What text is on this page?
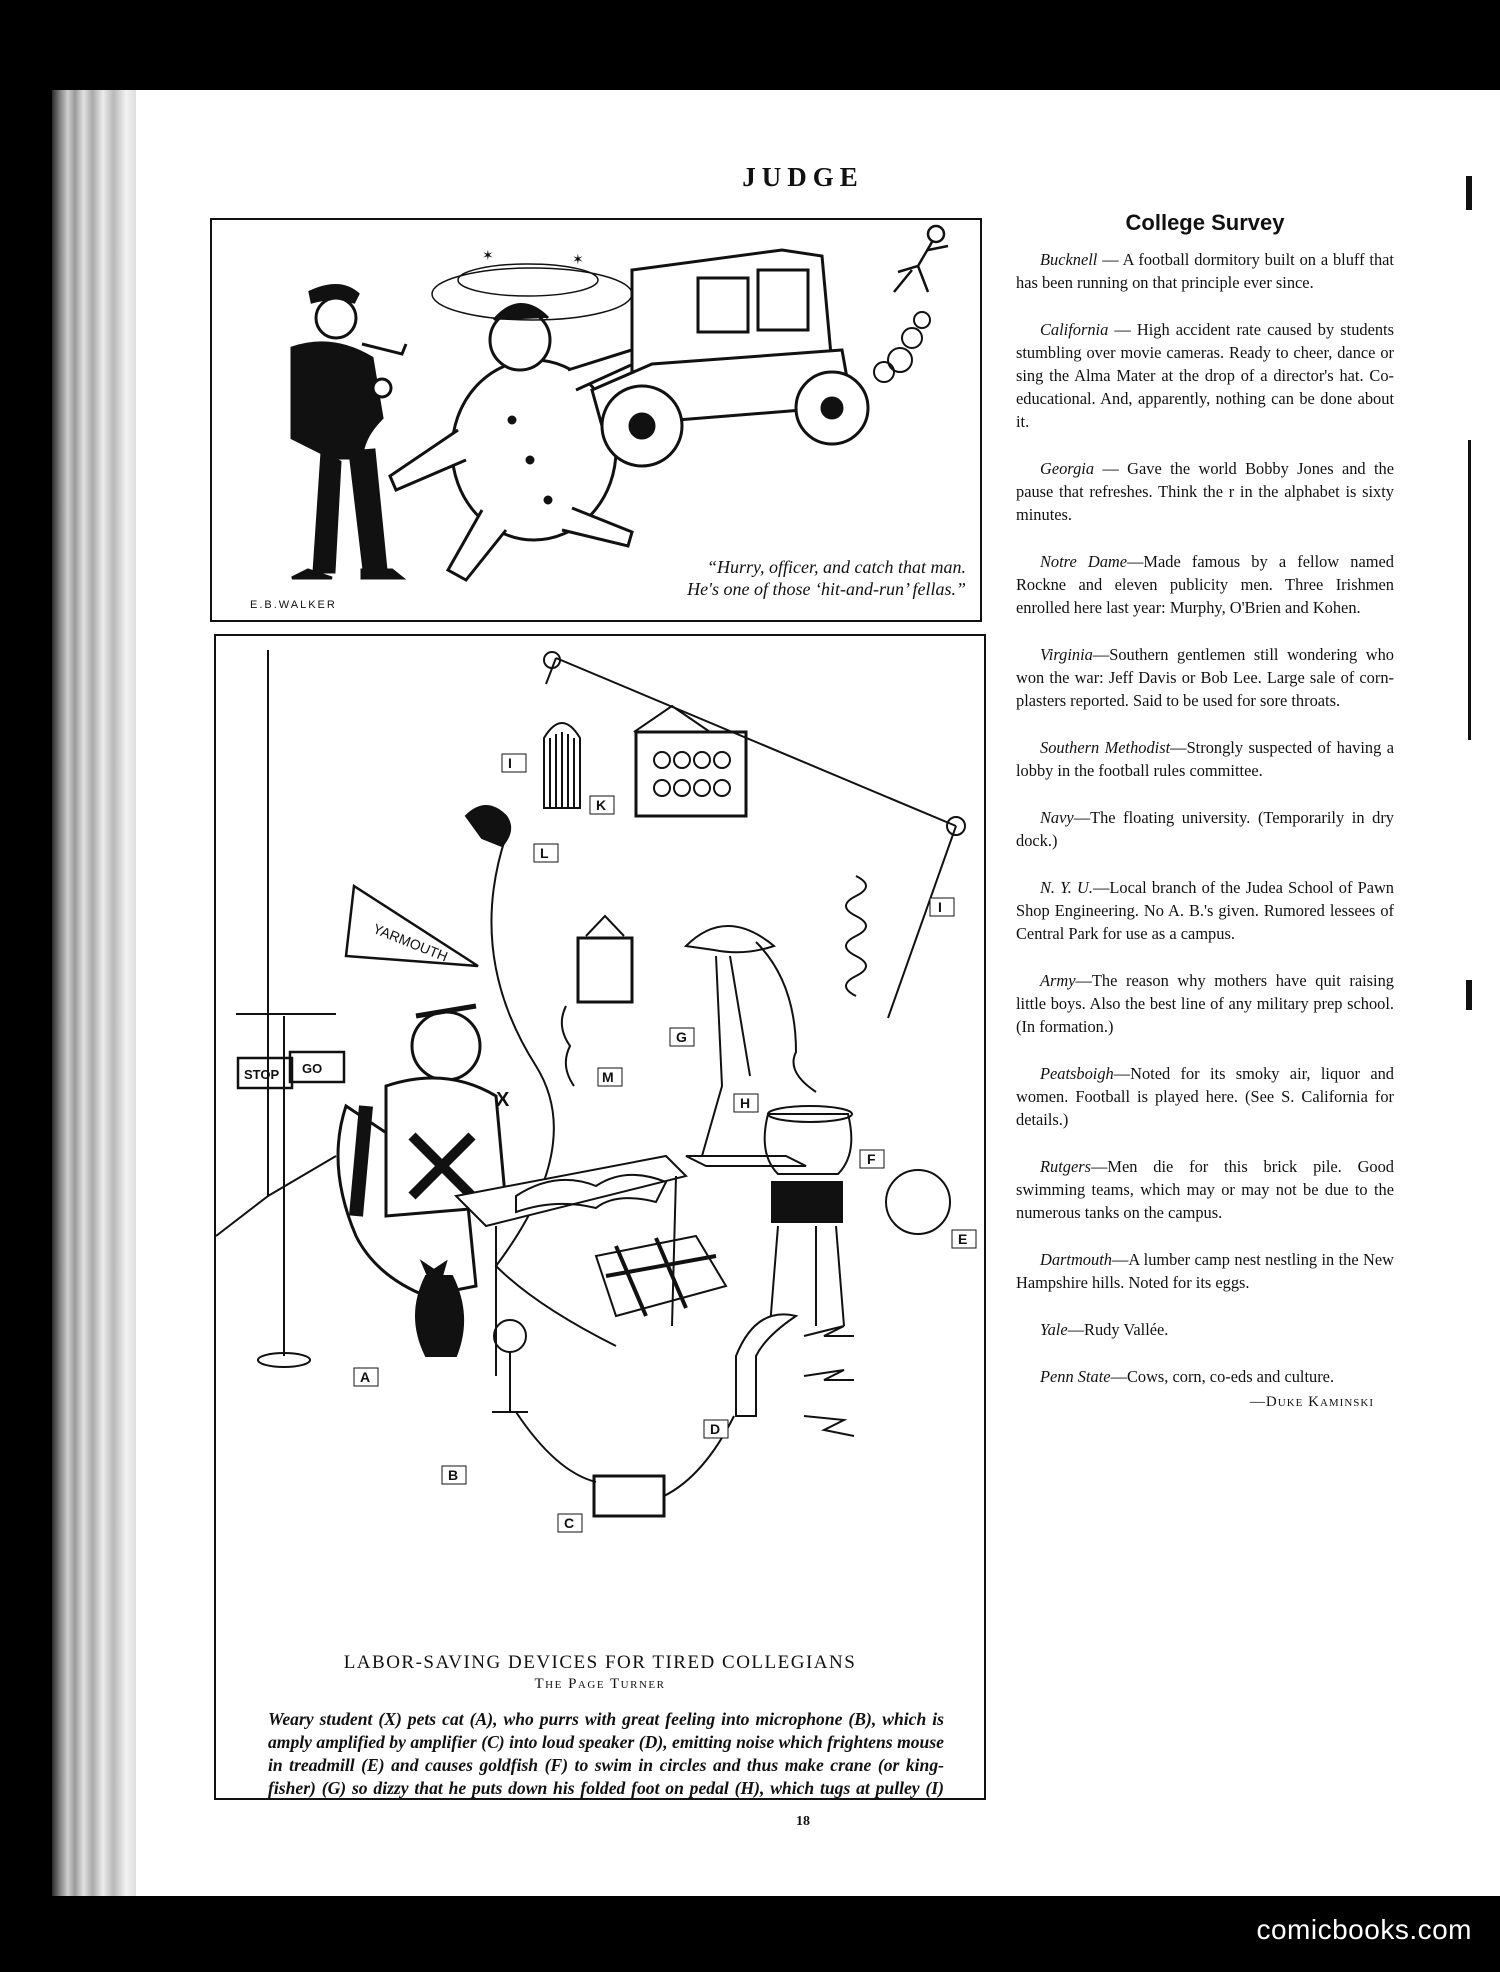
JUDGE
✶	✶
E.B.WALKER
“Hurry, officer, and catch that man. He's one of those ‘hit-and-run’ fellas.”
I
K
L
I
G
M
H
F
E
A
B
D
C
X
YARMOUTH
STOP GO
LABOR-SAVING DEVICES FOR TIRED COLLEGIANS
The Page Turner
Weary student (X) pets cat (A), who purrs with great feeling into microphone (B), which is amply amplified by amplifier (C) into loud speaker (D), emitting noise which frightens mouse in treadmill (E) and causes goldfish (F) to swim in circles and thus make crane (or king-fisher) (G) so dizzy that he puts down his folded foot on pedal (H), which tugs at pulley (I)
College Survey

Bucknell — A football dormitory built on a bluff that has been running on that principle ever since.

California — High accident rate caused by students stumbling over movie cameras. Ready to cheer, dance or sing the Alma Mater at the drop of a director's hat. Co-educational. And, apparently, nothing can be done about it.

Georgia — Gave the world Bobby Jones and the pause that refreshes. Think the r in the alphabet is sixty minutes.

Notre Dame—Made famous by a fellow named Rockne and eleven publicity men. Three Irishmen enrolled here last year: Murphy, O'Brien and Kohen.

Virginia—Southern gentlemen still wondering who won the war: Jeff Davis or Bob Lee. Large sale of corn-plasters reported. Said to be used for sore throats.

Southern Methodist—Strongly suspected of having a lobby in the football rules committee.

Navy—The floating university. (Temporarily in dry dock.)

N. Y. U.—Local branch of the Judea School of Pawn Shop Engineering. No A. B.'s given. Rumored lessees of Central Park for use as a campus.

Army—The reason why mothers have quit raising little boys. Also the best line of any military prep school. (In formation.)

Peatsboigh—Noted for its smoky air, liquor and women. Football is played here. (See S. California for details.)

Rutgers—Men die for this brick pile. Good swimming teams, which may or may not be due to the numerous tanks on the campus.

Dartmouth—A lumber camp nest nestling in the New Hampshire hills. Noted for its eggs.

Yale—Rudy Vallée.

Penn State—Cows, corn, co-eds and culture.

—Duke Kaminski
18
comicbooks.com
